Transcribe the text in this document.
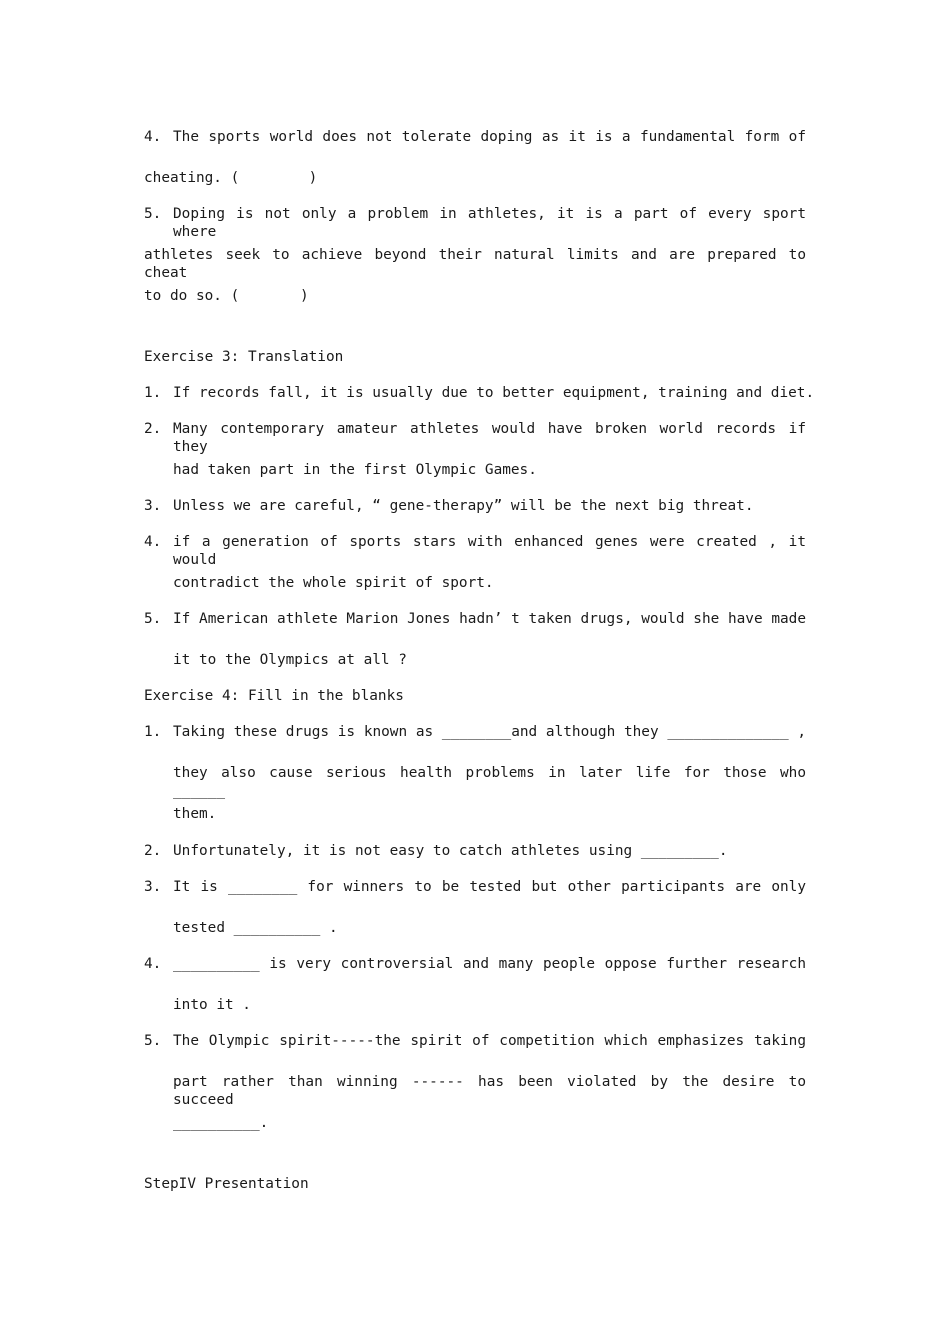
4. The sports world does not tolerate doping as it is a fundamental form of
cheating. (        )
5. Doping is not only a problem in athletes, it is a part of every sport where
athletes seek to achieve beyond their natural limits and are prepared to cheat
to do so. (       )
Exercise 3: Translation
1. If records fall, it is usually due to better equipment, training and diet.
2. Many contemporary amateur athletes would have broken world records if they
had taken part in the first Olympic Games.
3. Unless we are careful, “ gene-therapy” will be the next big threat.
4. if a generation of sports stars with enhanced genes were created , it would
contradict the whole spirit of sport.
5. If American athlete Marion Jones hadn’ t taken drugs, would she have made
it to the Olympics at all ?
Exercise 4: Fill in the blanks
1. Taking these drugs is known as ________and although they ______________ ,
they also cause serious health problems in later life for those who ______
them.
2. Unfortunately, it is not easy to catch athletes using _________.
3. It is ________ for winners to be tested but other participants are only
tested __________ .
4. __________ is very controversial and many people oppose further research
into it .
5. The Olympic spirit-----the spirit of competition which emphasizes taking
part rather than winning ------ has been violated by the desire to succeed
__________.
StepIV Presentation
